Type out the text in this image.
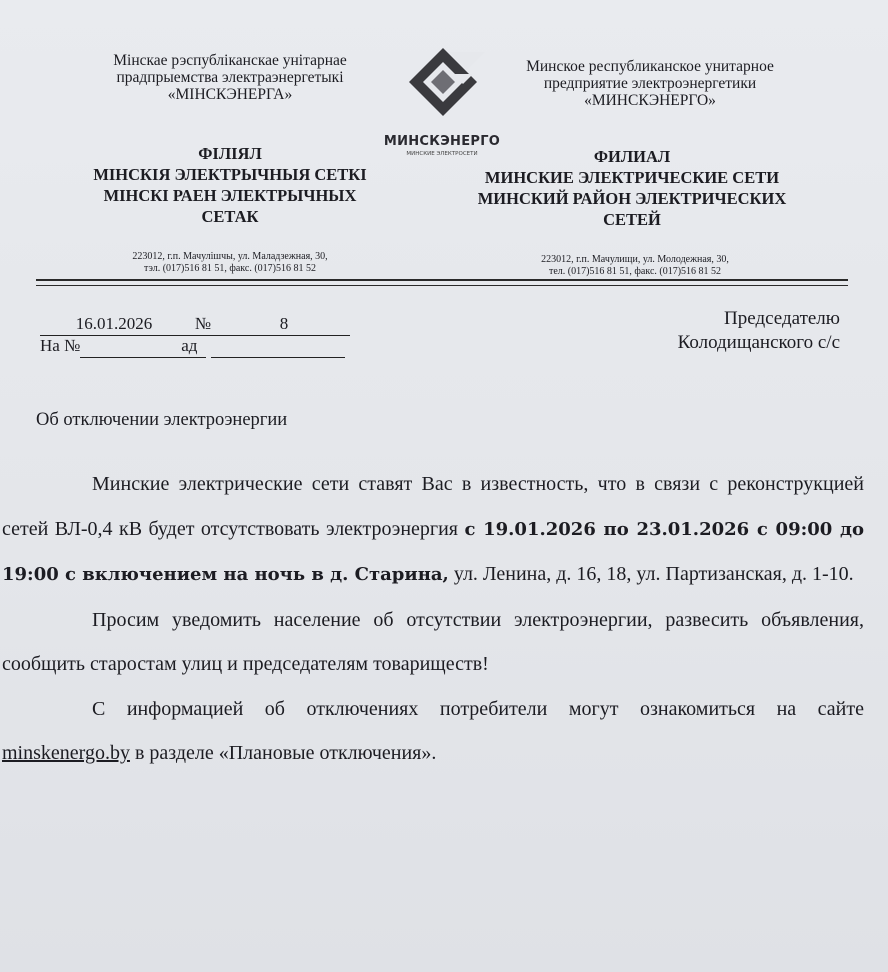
Мінскае рэспубліканскае унітарнае
прадпрыемства электраэнергетыкі
«МІНСКЭНЕРГА»
МИНСКЭНЕРГО
МИНСКИЕ ЭЛЕКТРОСЕТИ
Минское республиканское унитарное
предприятие электроэнергетики
«МИНСКЭНЕРГО»
ФІЛІЯЛ
МІНСКІЯ ЭЛЕКТРЫЧНЫЯ СЕТКІ
МІНСКІ РАЕН ЭЛЕКТРЫЧНЫХ
СЕТАК
ФИЛИАЛ
МИНСКИЕ ЭЛЕКТРИЧЕСКИЕ СЕТИ
МИНСКИЙ РАЙОН ЭЛЕКТРИЧЕСКИХ
СЕТЕЙ
223012, г.п. Мачулішчы, ул. Маладзежная, 30,
тэл. (017)516 81 51, факс. (017)516 81 52
223012, г.п. Мачулищи, ул. Молодежная, 30,
тел. (017)516 81 51, факс. (017)516 81 52
16.01.2026	№	8
На №	ад
Председателю
Колодищанского с/с
Об отключении электроэнергии

Минские электрические сети ставят Вас в известность, что в связи с реконструкцией сетей ВЛ-0,4 кВ будет отсутствовать электроэнергия с 19.01.2026 по 23.01.2026 с 09:00 до 19:00 с включением на ночь в д. Старина, ул. Ленина, д. 16, 18, ул. Партизанская, д. 1-10.

Просим уведомить население об отсутствии электроэнергии, развесить объявления, сообщить старостам улиц и председателям товариществ!

С информацией об отключениях потребители могут ознакомиться на сайте minskenergo.by в разделе «Плановые отключения».
